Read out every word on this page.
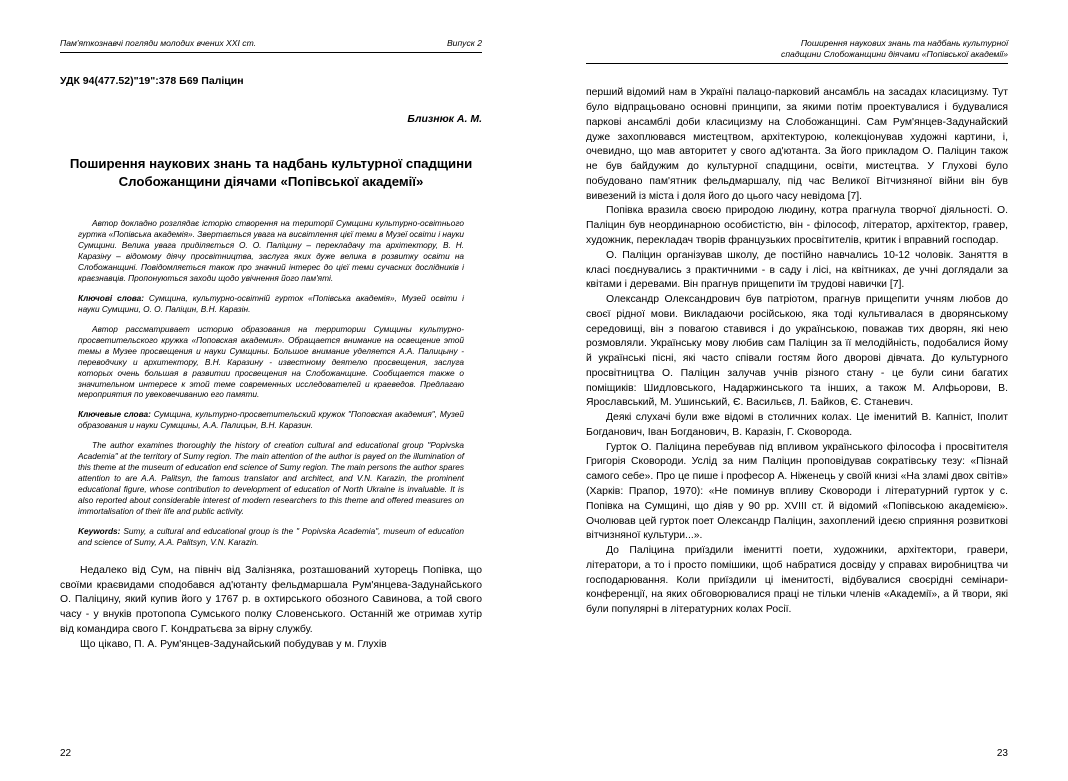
Пам'яткознавчі погляди молодих вчених XXI ст.	Випуск 2
УДК 94(477.52)"19":378 Б69 Паліцин
Близнюк А. М.
Поширення наукових знань та надбань культурної спадщини Слобожанщини діячами «Попівської академії»

Автор докладно розглядає історію створення на території Сумщини культурно-освітнього гуртка «Попівська академія». Звертається увага на висвітлення цієї теми в Музеї освіти і науки Сумщини. Велика увага приділяється О. О. Паліцину – перекладачу та архітектору, В. Н. Каразіну – відомому діячу просвітництва, заслуга яких дуже велика в розвитку освіти на Слобожанщині. Повідомляється також про значний інтерес до цієї теми сучасних дослідників і краєзнавців. Пропонуються заходи щодо увічнення його пам'яті.

Ключові слова: Сумщина, культурно-освітній гурток «Попівська академія», Музей освіти і науки Сумщини, О. О. Паліцин, В.Н. Каразін.

Автор рассматривает историю образования на территории Сумщины культурно-просветительского кружка «Поповская академия». Обращается внимание на освещение этой темы в Музее просвещения и науки Сумщины. Большое внимание уделяется А.А. Палицыну - переводчику и архитектору, В.Н. Каразину - известному деятелю просвещения, заслуга которых очень большая в развитии просвещения на Слобожанщине. Сообщается также о значительном интересе к этой теме современных исследователей и краеведов. Предлагаю мероприятия по увековечиванию его памяти.

Ключевые слова: Сумщина, культурно-просветительский кружок "Поповская академия", Музей образования и науки Сумщины, А.А. Палицын, В.Н. Каразин.

The author examines thoroughly the history of creation cultural and educational group "Popivska Academia" at the territory of Sumy region. The main attention of the author is payed on the illumination of this theme at the museum of education end science of Sumy region. The main persons the author spares attention to are A.A. Palitsyn, the famous translator and architect, and V.N. Karazin, the prominent educational figure, whose contribution to development of education of North Ukraine is invaluable. It is also reported about considerable interest of modern researchers to this theme and offered measures on immortalisation of their life and public activity.

Keywords: Sumy, a cultural and educational group is the " Popivska Academia", museum of education and science of Sumy, A.A. Palitsyn, V.N. Karazin.

Недалеко від Сум, на північ від Залізняка, розташований хуторець Попівка, що своїми краєвидами сподобався ад'ютанту фельдмаршала Рум'янцева-Задунайського О. Паліцину, який купив його у 1767 р. в охтирського обозного Савинова, а той свого часу - у внуків протопопа Сумського полку Словенського. Останній же отримав хутір від командира свого Г. Кондратьєва за вірну службу.

Що цікаво, П. А. Рум'янцев-Задунайський побудував у м. Глухів

22
Поширення наукових знань та надбань культурної
спадщини Слобожанщини діячами «Попівської академії»

перший відомий нам в Україні палацо-парковий ансамбль на засадах класицизму. Тут було відпрацьовано основні принципи, за якими потім проектувалися і будувалися паркові ансамблі доби класицизму на Слобожанщині. Сам Рум'янцев-Задунайский дуже захоплювався мистецтвом, архітектурою, колекціонував художні картини, і, очевидно, що мав авторитет у свого ад'ютанта. За його прикладом О. Паліцин також не був байдужим до культурної спадщини, освіти, мистецтва. У Глухові було побудовано пам'ятник фельдмаршалу, під час Великої Вітчизняної війни він був вивезений із міста і доля його до цього часу невідома [7].

Попівка вразила своєю природою людину, котра прагнула творчої діяльності. О. Паліцин був неординарною особистістю, він - філософ, літератор, архітектор, гравер, художник, перекладач творів французьких просвітителів, критик і вправний господар.

О. Паліцин організував школу, де постійно навчались 10-12 чоловік. Заняття в класі поєднувались з практичними - в саду і лісі, на квітниках, де учні доглядали за квітами і деревами. Він прагнув прищепити їм трудові навички [7].

Олександр Олександрович був патріотом, прагнув прищепити учням любов до своєї рідної мови. Викладаючи російською, яка тоді культивалася в дворянському середовищі, він з повагою ставився і до українською, поважав тих дворян, які нею розмовляли. Українську мову любив сам Паліцин за її мелодійність, подобалися йому й українські пісні, які часто співали гостям його дворові дівчата. До культурного просвітництва О. Паліцин залучав учнів різного стану - це були сини багатих поміщиків: Шидловського, Надаржинського та інших, а також М. Алфьорови, В. Ярославський, М. Ушинський, Є. Васильєв, Л. Байков, Є. Станевич.

Деякі слухачі були вже відомі в столичних колах. Це іменитий В. Капніст, Іполит Богданович, Іван Богданович, В. Каразін, Г. Сковорода.

Гурток О. Паліцина перебував під впливом українського філософа і просвітителя Григорія Сковороди. Услід за ним Паліцин проповідував сократівську тезу: «Пізнай самого себе». Про це пише і професор А. Ніженець у своїй книзі «На зламі двох світів» (Харків: Прапор, 1970): «Не поминув впливу Сковороди і літературний гурток у с. Попівка на Сумщині, що діяв у 90 рр. XVIII ст. й відомий «Попівською академією». Очолював цей гурток поет Олександр Паліцин, захоплений ідеєю сприяння розвиткові вітчизняної культури...».

До Паліцина приїздили іменитті поети, художники, архітектори, гравери, літератори, а то і просто помішики, щоб набратися досвіду у справах виробництва чи господарювання. Коли приїздили ці іменитості, відбувалися своєрідні семінари-конференції, на яких обговорювалися праці не тільки членів «Академії», а й твори, які були популярні в літературних колах Росії.

23
